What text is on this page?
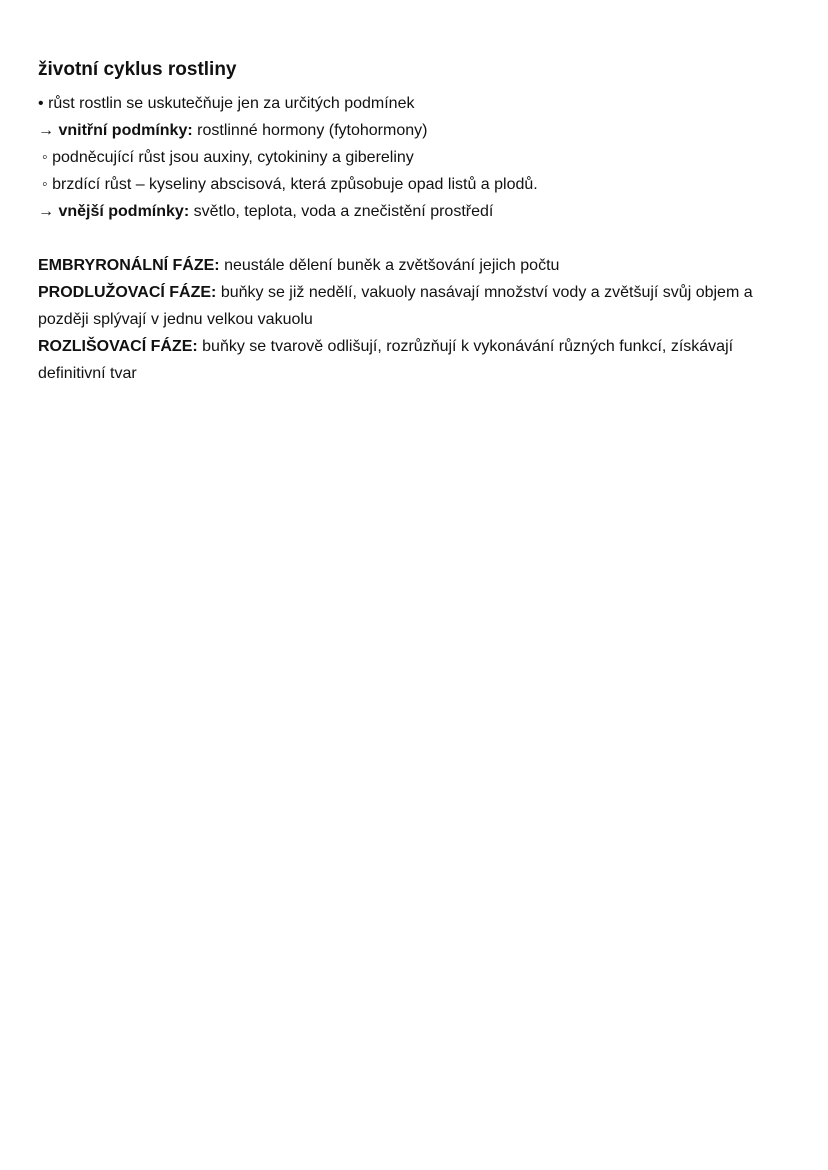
životní cyklus rostliny
• růst rostlin se uskutečňuje jen za určitých podmínek
→ vnitřní podmínky: rostlinné hormony (fytohormony)
◦ podněcující růst jsou auxiny, cytokininy a gibereliny
◦ brzdící růst – kyseliny abscisová, která způsobuje opad listů a plodů.
→ vnější podmínky: světlo, teplota, voda a znečistění prostředí
EMBRYRONÁLNÍ FÁZE: neustále dělení buněk a zvětšování jejich počtu
PRODLUŽOVACÍ FÁZE: buňky se již nedělí, vakuoly nasávají množství vody a zvětšují svůj objem a později splývají v jednu velkou vakuolu
ROZLIŠOVACÍ FÁZE: buňky se tvarově odlišují, rozrůzňují k vykonávání různých funkcí, získávají definitivní tvar
